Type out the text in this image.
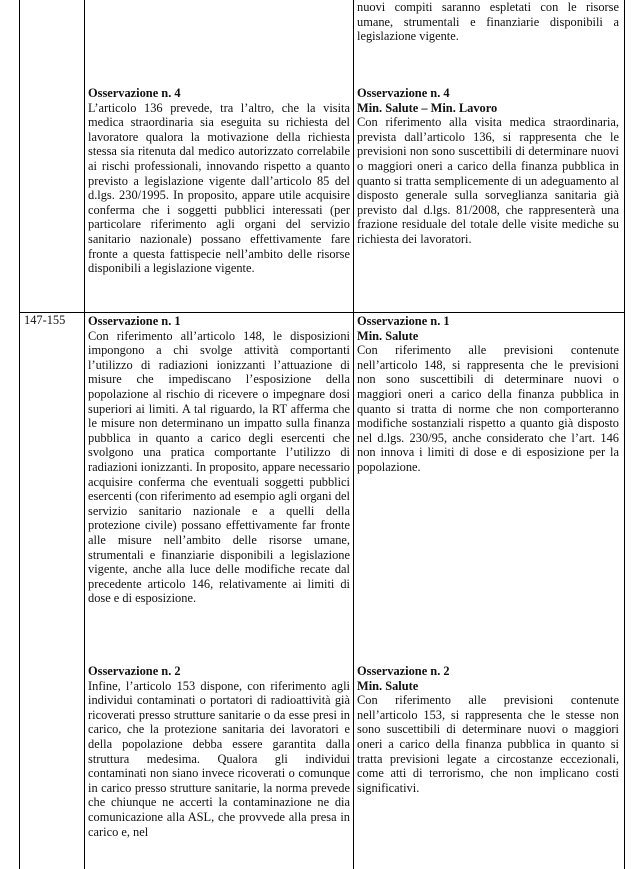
147-155

nuovi compiti saranno espletati con le risorse umane, strumentali e finanziarie disponibili a legislazione vigente.

Osservazione n. 4

L’articolo 136 prevede, tra l’altro, che la visita medica straordinaria sia eseguita su richiesta del lavoratore qualora la motivazione della richiesta stessa sia ritenuta dal medico autorizzato correlabile ai rischi professionali, innovando rispetto a quanto previsto a legislazione vigente dall’articolo 85 del d.lgs. 230/1995. In proposito, appare utile acquisire conferma che i soggetti pubblici interessati (per particolare riferimento agli organi del servizio sanitario nazionale) possano effettivamente fare fronte a questa fattispecie nell’ambito delle risorse disponibili a legislazione vigente.

Osservazione n. 4

Min. Salute – Min. Lavoro

Con riferimento alla visita medica straordinaria, prevista dall’articolo 136, si rappresenta che le previsioni non sono suscettibili di determinare nuovi o maggiori oneri a carico della finanza pubblica in quanto si tratta semplicemente di un adeguamento al disposto generale sulla sorveglianza sanitaria già previsto dal d.lgs. 81/2008, che rappresenterà una frazione residuale del totale delle visite mediche su richiesta dei lavoratori.

Osservazione n. 1

Con riferimento all’articolo 148, le disposizioni impongono a chi svolge attività comportanti l’utilizzo di radiazioni ionizzanti l’attuazione di misure che impediscano l’esposizione della popolazione al rischio di ricevere o impegnare dosi superiori ai limiti. A tal riguardo, la RT afferma che le misure non determinano un impatto sulla finanza pubblica in quanto a carico degli esercenti che svolgono una pratica comportante l’utilizzo di radiazioni ionizzanti. In proposito, appare necessario acquisire conferma che eventuali soggetti pubblici esercenti (con riferimento ad esempio agli organi del servizio sanitario nazionale e a quelli della protezione civile) possano effettivamente far fronte alle misure nell’ambito delle risorse umane, strumentali e finanziarie disponibili a legislazione vigente, anche alla luce delle modifiche recate dal precedente articolo 146, relativamente ai limiti di dose e di esposizione.

Osservazione n. 1

Min. Salute

Con riferimento alle previsioni contenute nell’articolo 148, si rappresenta che le previsioni non sono suscettibili di determinare nuovi o maggiori oneri a carico della finanza pubblica in quanto si tratta di norme che non comporteranno modifiche sostanziali rispetto a quanto già disposto nel d.lgs. 230/95, anche considerato che l’art. 146 non innova i limiti di dose e di esposizione per la popolazione.

Osservazione n. 2

Infine, l’articolo 153 dispone, con riferimento agli individui contaminati o portatori di radioattività già ricoverati presso strutture sanitarie o da esse presi in carico, che la protezione sanitaria dei lavoratori e della popolazione debba essere garantita dalla struttura medesima. Qualora gli individui contaminati non siano invece ricoverati o comunque in carico presso strutture sanitarie, la norma prevede che chiunque ne accerti la contaminazione ne dia comunicazione alla ASL, che provvede alla presa in carico e, nel

Osservazione n. 2

Min. Salute

Con riferimento alle previsioni contenute nell’articolo 153, si rappresenta che le stesse non sono suscettibili di determinare nuovi o maggiori oneri a carico della finanza pubblica in quanto si tratta previsioni legate a circostanze eccezionali, come atti di terrorismo, che non implicano costi significativi.
